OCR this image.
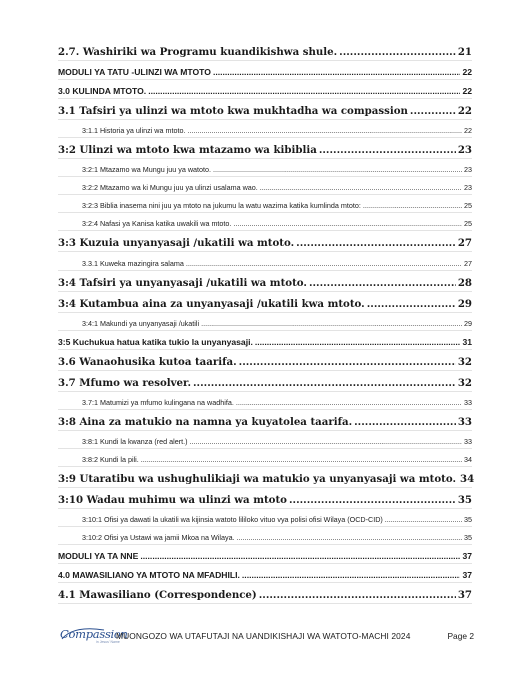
2.7. Washiriki wa Programu kuandikishwa shule. .....	21
MODULI YA TATU -ULINZI WA MTOTO .....	22
3.0 KULINDA MTOTO. .....	22
3.1 Tafsiri ya ulinzi wa mtoto kwa mukhtadha wa compassion .....	22
3:1.1 Historia ya ulinzi wa mtoto. .....	22
3:2 Ulinzi wa mtoto kwa mtazamo wa kibiblia .....	23
3:2:1 Mtazamo wa Mungu juu ya watoto. .....	23
3:2:2 Mtazamo wa ki Mungu juu ya ulinzi usalama wao. .....	23
3:2:3 Biblia inasema nini juu ya mtoto na jukumu la watu wazima katika kumlinda mtoto: .....	25
3:2:4 Nafasi ya Kanisa katika uwakili wa mtoto. .....	25
3:3 Kuzuia unyanyasaji /ukatili wa mtoto. .....	27
3.3.1 Kuweka mazingira salama .....	27
3:4 Tafsiri ya unyanyasaji /ukatili wa mtoto. .....	28
3:4 Kutambua aina za unyanyasaji /ukatili kwa mtoto. .....	29
3:4:1 Makundi ya unyanyasaji /ukatili .....	29
3:5 Kuchukua hatua katika tukio la unyanyasaji. .....	31
3.6 Wanaohusika kutoa taarifa. .....	32
3.7 Mfumo wa resolver. .....	32
3.7:1 Matumizi ya mfumo kulingana na wadhifa. .....	33
3:8 Aina za matukio na namna ya kuyatolea taarifa. .....	33
3:8:1 Kundi la kwanza (red alert.) .....	33
3:8:2 Kundi la pili. .....	34
3:9 Utaratibu wa ushughulikiaji wa matukio ya unyanyasaji wa mtoto. 34
3:10 Wadau muhimu wa ulinzi wa mtoto .....	35
3:10:1 Ofisi ya dawati la ukatili wa kijinsia watoto lililoko vituo vya polisi ofisi Wilaya (OCD-CID) .....	35
3:10:2 Ofisi ya Ustawi wa jamii Mkoa na Wilaya. .....	35
MODULI YA TA NNE .....	37
4.0 MAWASILIANO YA MTOTO NA MFADHILI. .....	37
4.1 Mawasiliano (Correspondence) .....	37
Compassion
in Jesus' Name
MUONGOZO WA UTAFUTAJI NA UANDIKISHAJI WA WATOTO-MACHI 2024	Page 2
